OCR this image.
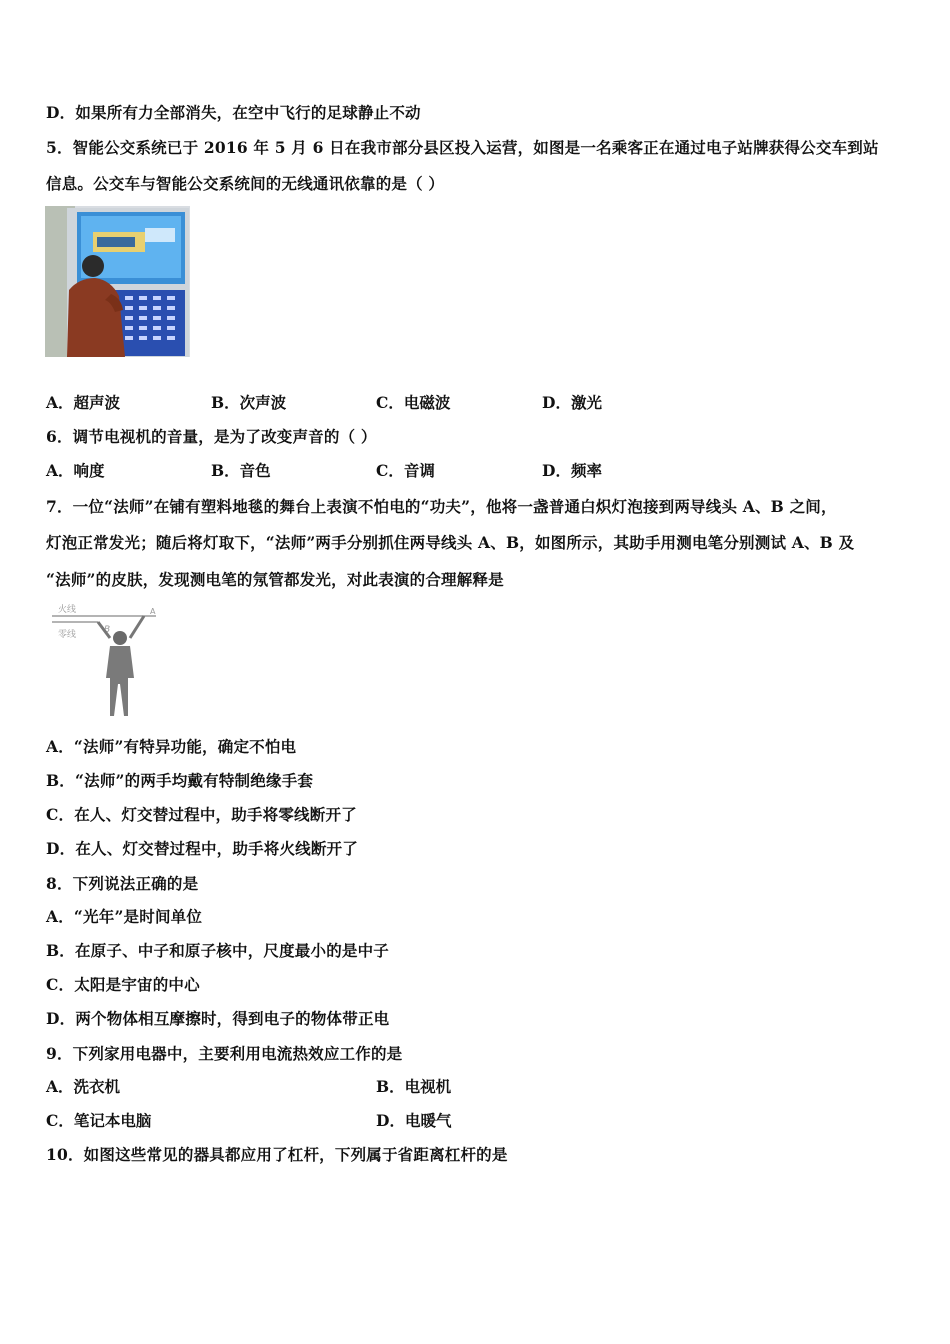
D．如果所有力全部消失，在空中飞行的足球静止不动
5．智能公交系统已于 2016 年 5 月 6 日在我市部分县区投入运营，如图是一名乘客正在通过电子站牌获得公交车到站
信息。公交车与智能公交系统间的无线通讯依靠的是（ ）
A．超声波	B．次声波	C．电磁波	D．激光
6．调节电视机的音量，是为了改变声音的（ ）
A．响度	B．音色	C．音调	D．频率
7．一位“法师”在铺有塑料地毯的舞台上表演不怕电的“功夫”，他将一盏普通白炽灯泡接到两导线头 A、B 之间，
灯泡正常发光；随后将灯取下，“法师”两手分别抓住两导线头 A、B，如图所示，其助手用测电笔分别测试 A、B 及
“法师”的皮肤，发现测电笔的氖管都发光，对此表演的合理解释是
火线
零线
A
B
A．“法师”有特异功能，确定不怕电
B．“法师”的两手均戴有特制绝缘手套
C．在人、灯交替过程中，助手将零线断开了
D．在人、灯交替过程中，助手将火线断开了
8．下列说法正确的是
A．“光年”是时间单位
B．在原子、中子和原子核中，尺度最小的是中子
C．太阳是宇宙的中心
D．两个物体相互摩擦时，得到电子的物体带正电
9．下列家用电器中，主要利用电流热效应工作的是
A．洗衣机	B．电视机
C．笔记本电脑	D．电暖气
10．如图这些常见的器具都应用了杠杆，下列属于省距离杠杆的是
